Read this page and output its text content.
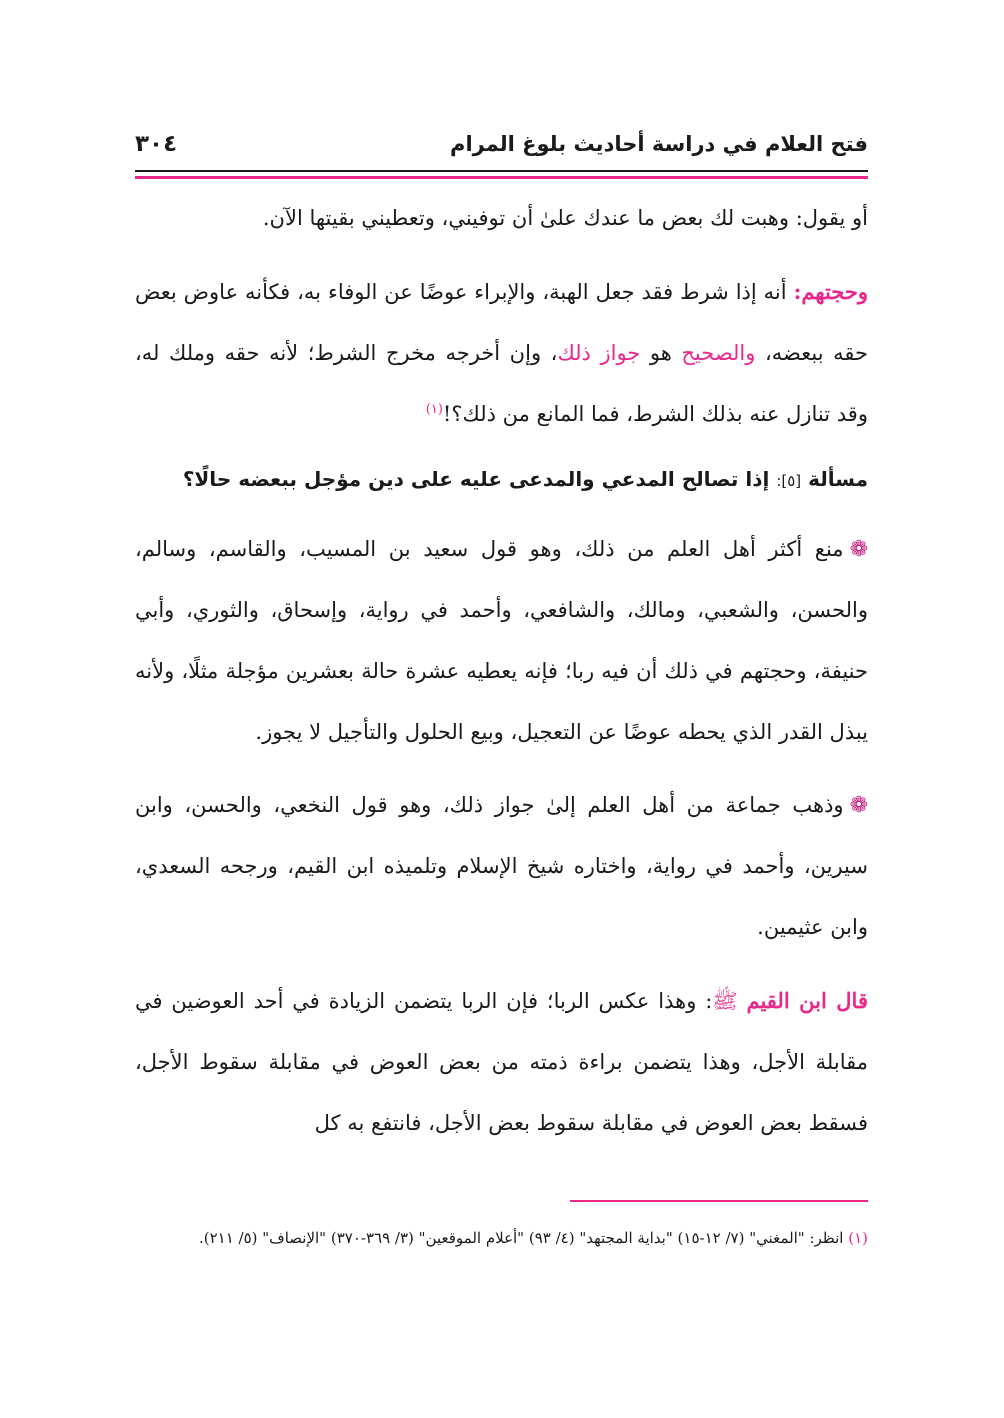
فتح العلام في دراسة أحاديث بلوغ المرام
٣٠٤

أو يقول: وهبت لك بعض ما عندك علىٰ أن توفيني، وتعطيني بقيتها الآن.

وحجتهم: أنه إذا شرط فقد جعل الهبة، والإبراء عوضًا عن الوفاء به، فكأنه عاوض بعض حقه ببعضه، والصحيح هو جواز ذلك، وإن أخرجه مخرج الشرط؛ لأنه حقه وملك له، وقد تنازل عنه بذلك الشرط، فما المانع من ذلك؟!$^{(١)}$

مسألة [٥]: إذا تصالح المدعي والمدعى عليه على دين مؤجل ببعضه حالًا؟

❁منع أكثر أهل العلم من ذلك، وهو قول سعيد بن المسيب، والقاسم، وسالم، والحسن، والشعبي، ومالك، والشافعي، وأحمد في رواية، وإسحاق، والثوري، وأبي حنيفة، وحجتهم في ذلك أن فيه ربا؛ فإنه يعطيه عشرة حالة بعشرين مؤجلة مثلًا، ولأنه يبذل القدر الذي يحطه عوضًا عن التعجيل، وبيع الحلول والتأجيل لا يجوز.

❁وذهب جماعة من أهل العلم إلىٰ جواز ذلك، وهو قول النخعي، والحسن، وابن سيرين، وأحمد في رواية، واختاره شيخ الإسلام وتلميذه ابن القيم، ورجحه السعدي، وابن عثيمين.

قال ابن القيم ﷺ: وهذا عكس الربا؛ فإن الربا يتضمن الزيادة في أحد العوضين في مقابلة الأجل، وهذا يتضمن براءة ذمته من بعض العوض في مقابلة سقوط الأجل، فسقط بعض العوض في مقابلة سقوط بعض الأجل، فانتفع به كل

(١) انظر: "المغني" (٧/ ١٢-١٥) "بداية المجتهد" (٤/ ٩٣) "أعلام الموقعين" (٣/ ٣٦٩-٣٧٠) "الإنصاف" (٥/ ٢١١).
